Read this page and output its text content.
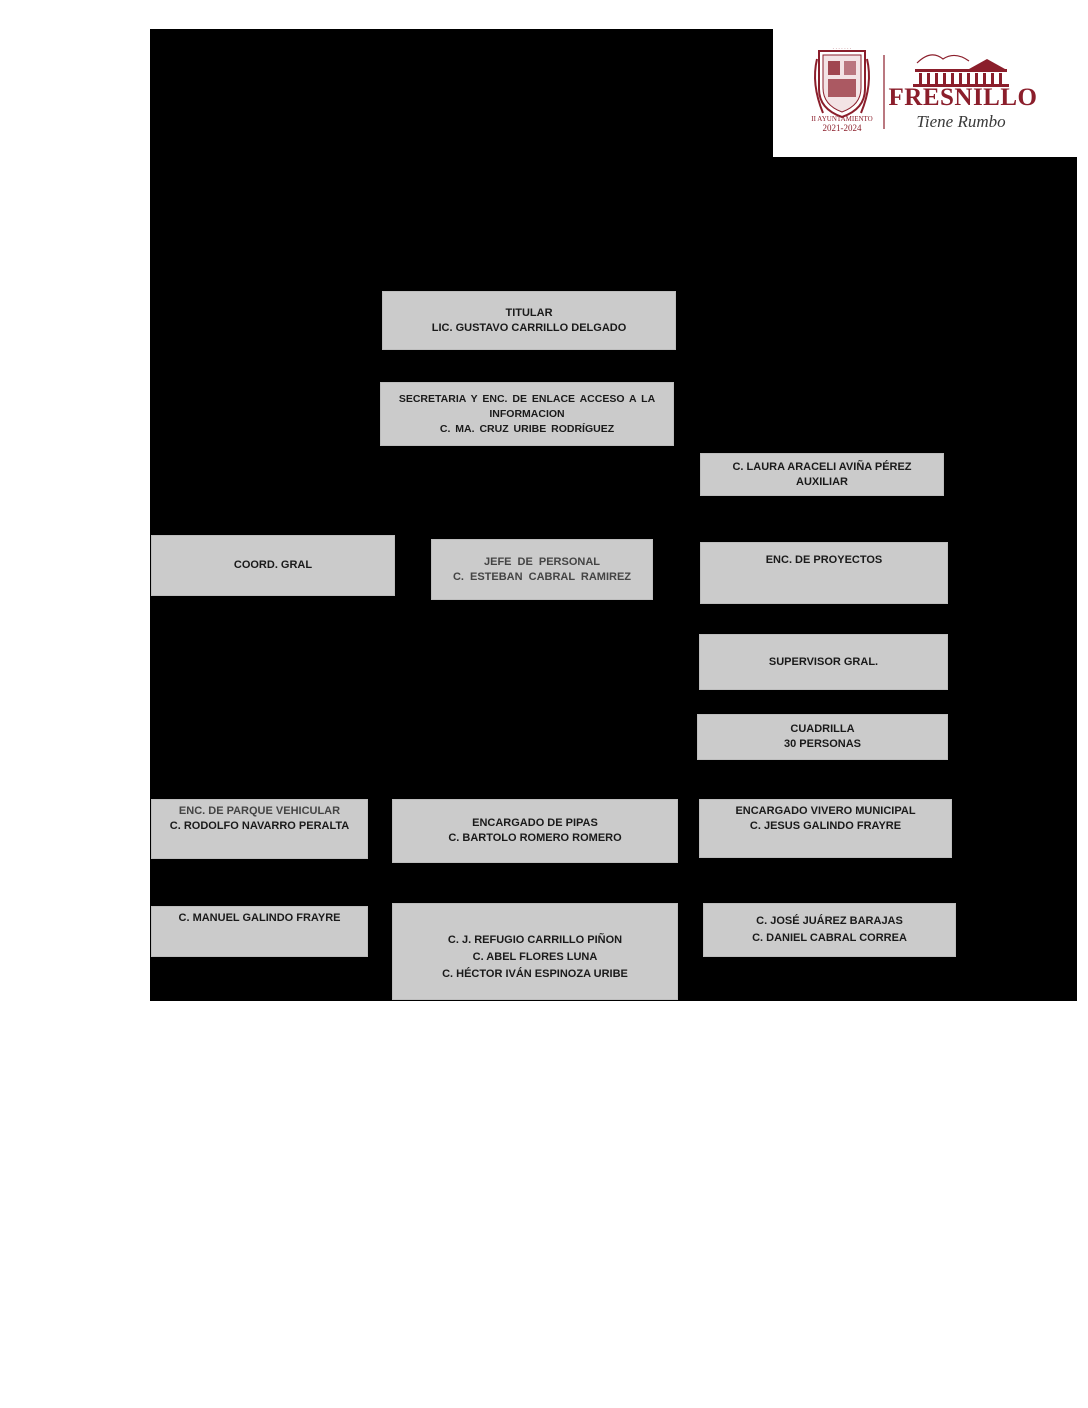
· · · · · · ·
II AYUNTAMIENTO
2021-2024
FRESNILLO
Tiene Rumbo
TITULAR
LIC. GUSTAVO CARRILLO DELGADO
SECRETARIA Y ENC. DE ENLACE ACCESO A LA
INFORMACION
C. MA. CRUZ URIBE RODRÍGUEZ
C. LAURA ARACELI AVIÑA PÉREZ
AUXILIAR
COORD. GRAL	JEFE DE PERSONAL
C. ESTEBAN CABRAL RAMIREZ
ENC. DE PROYECTOS
SUPERVISOR GRAL.
CUADRILLA
30 PERSONAS
ENC. DE PARQUE VEHICULAR
C. RODOLFO NAVARRO PERALTA	ENCARGADO DE PIPAS
C. BARTOLO ROMERO ROMERO
ENCARGADO VIVERO MUNICIPAL
C. JESUS GALINDO FRAYRE
C. MANUEL GALINDO FRAYRE
C. J. REFUGIO CARRILLO PIÑON
C. ABEL FLORES LUNA
C. HÉCTOR IVÁN ESPINOZA URIBE
C. JOSÉ JUÁREZ BARAJAS
C. DANIEL CABRAL CORREA
